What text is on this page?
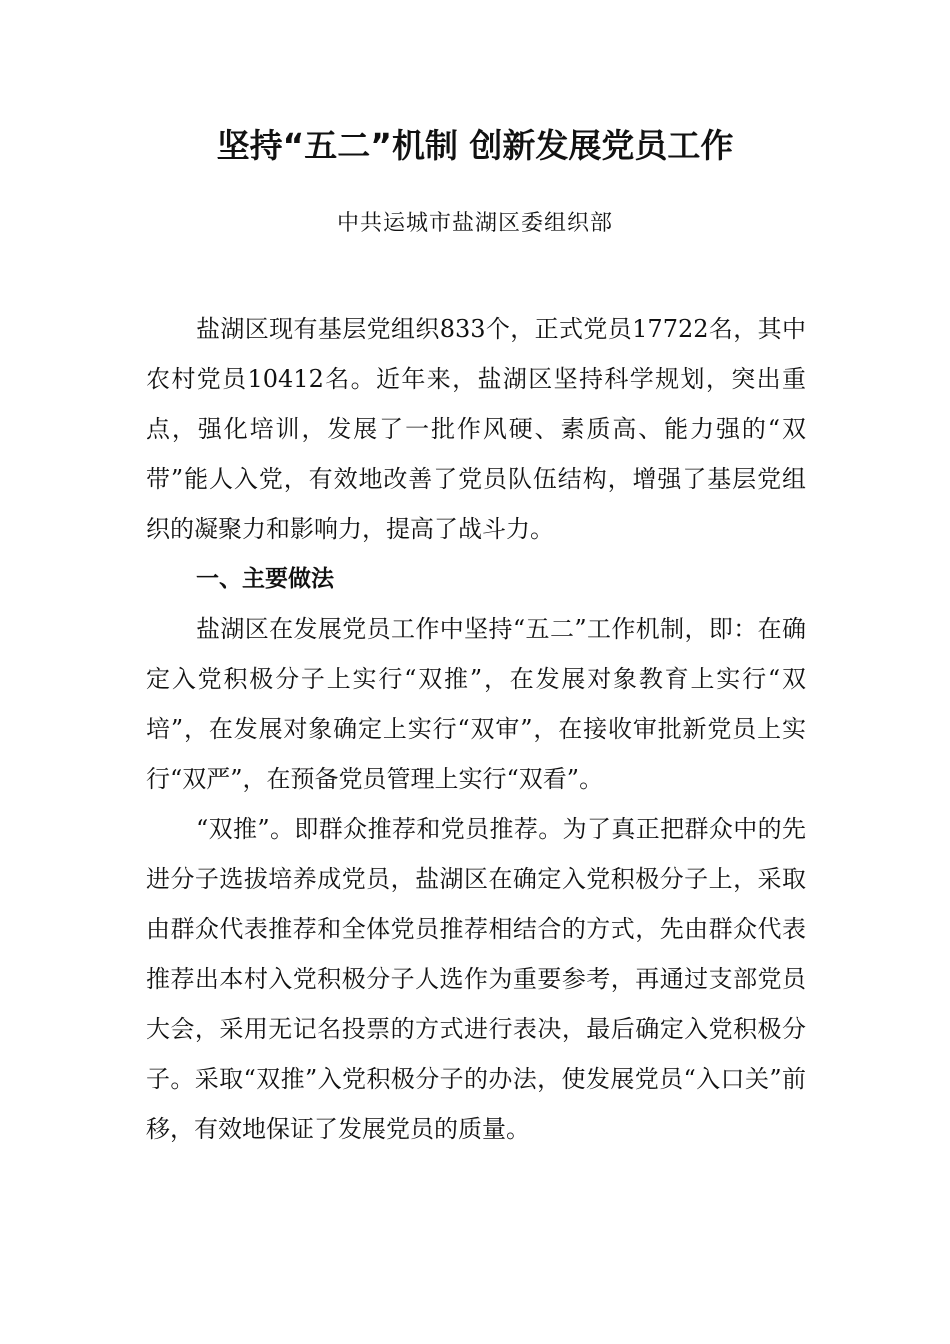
坚持“五二”机制 创新发展党员工作
中共运城市盐湖区委组织部

盐湖区现有基层党组织833个，正式党员17722名，其中农村党员10412名。近年来，盐湖区坚持科学规划，突出重点，强化培训，发展了一批作风硬、素质高、能力强的“双带”能人入党，有效地改善了党员队伍结构，增强了基层党组织的凝聚力和影响力，提高了战斗力。

一、主要做法

盐湖区在发展党员工作中坚持“五二”工作机制，即：在确定入党积极分子上实行“双推”，在发展对象教育上实行“双培”，在发展对象确定上实行“双审”，在接收审批新党员上实行“双严”，在预备党员管理上实行“双看”。

“双推”。即群众推荐和党员推荐。为了真正把群众中的先进分子选拔培养成党员，盐湖区在确定入党积极分子上，采取由群众代表推荐和全体党员推荐相结合的方式，先由群众代表推荐出本村入党积极分子人选作为重要参考，再通过支部党员大会，采用无记名投票的方式进行表决，最后确定入党积极分子。采取“双推”入党积极分子的办法，使发展党员“入口关”前移，有效地保证了发展党员的质量。
